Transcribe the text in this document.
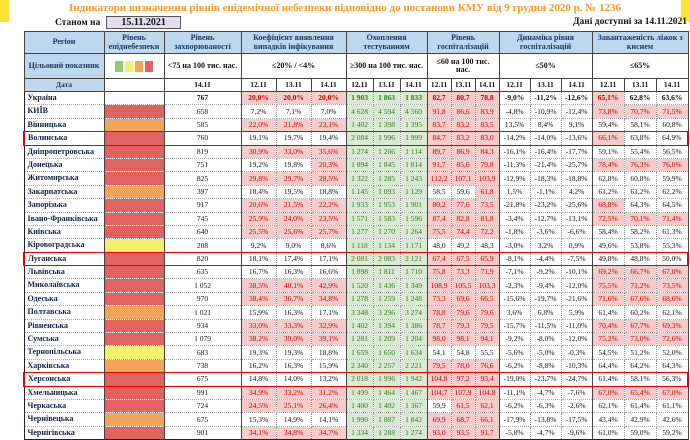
Індикатори визначення рівнів епідемічної небезпеки відповідно до постанови КМУ від 9 грудня 2020 р. № 1236
Станом на 15.11.2021	Дані доступні за 14.11.2021
Регіон	Рівень епіднебезпеки	Рівень захворюваності	Коефіцієнт виявлення випадків інфікування			Охоплення тестуванням			Рівень госпіталізацій			Динаміка рівня госпіталізацій			Завантаженість ліжок з киснем		
Цільовий показник		<75 на 100 тис. нас.	≤20% / <4%			≥300 на 100 тис. нас.			≤60 на 100 тис. нас.			≤50%			≤65%		
Дата		14.11	12.11	13.11	14.11	12.11	13.11	14.11	12.11	13.11	14.11	12.11	13.11	14.11	12.11	13.11	14.11
Україна		767	20,0%	20,0%	20,0%	1 903	1 863	1 833	82,7	80,7	78,8	-9,0%	-11,2%	-12,6%	65,1%	62,8%	63,6%
КИЇВ		658	7,2%	7,1%	7,0%	4 628	4 594	4 560	91,8	86,6	83,9	-4,8%	-10,9%	-12,4%	73,8%	70,7%	71,5%
Вінницька		585	22,0%	21,8%	23,1%	1 402	1 398	1 395	83,7	83,2	83,5	13,5%	8,4%	9,1%	59,4%	58,1%	60,8%
Волинська		760	19,1%	19,7%	19,4%	2 084	1 996	1 999	84,7	83,2	83,0	-14,2%	-14,0%	-13,6%	66,1%	63,8%	64,9%
Дніпропетровська		819	30,9%	33,0%	35,6%	1 274	1 206	1 114	89,7	86,9	84,3	-16,1%	-16,4%	-17,7%	59,1%	55,4%	56,5%
Донецька		751	19,2%	19,8%	20,3%	1 894	1 845	1 814	91,7	85,6	79,8	-11,3%	-21,4%	-25,7%	78,4%	76,3%	76,0%
Житомирська		825	29,8%	29,7%	28,5%	1 322	1 285	1 243	112,2	107,1	103,9	-12,9%	-18,3%	-18,8%	62,8%	60,8%	59,9%
Закарпатська		397	18,4%	19,5%	18,8%	1 145	1 093	1 129	58,5	59,6	61,8	1,5%	-1,1%	4,2%	61,2%	61,2%	62,2%
Запорізька		917	20,6%	21,5%	22,2%	1 933	1 953	1 901	80,2	77,6	73,5	-21,8%	-23,2%	-25,6%	68,8%	64,3%	64,5%
Івано-Франківська		745	25,9%	24,0%	23,5%	1 571	1 583	1 596	87,4	82,8	81,8	-3,4%	-12,7%	-13,1%	72,5%	70,1%	71,4%
Київська		640	25,5%	25,6%	25,7%	1 277	1 270	1 264	75,5	74,4	72,2	-1,8%	-3,6%	-6,6%	58,4%	58,2%	61,3%
Кіровоградська		208	9,2%	9,0%	8,6%	1 118	1 134	1 171	48,0	49,2	48,3	-3,0%	3,2%	0,9%	49,6%	53,8%	55,3%
Луганська		820	18,1%	17,4%	17,1%	2 081	2 083	2 121	67,4	67,5	65,9	-8,1%	-4,4%	-7,5%	49,8%	48,8%	50,0%
Львівська		635	16,7%	16,3%	16,6%	1 898	1 811	1 710	75,8	73,3	71,9	-7,1%	-9,2%	-10,1%	69,2%	66,7%	67,0%
Миколаївська		1 052	38,5%	40,1%	42,9%	1 520	1 436	1 349	108,9	105,5	103,3	-2,3%	-9,4%	-12,0%	75,5%	71,2%	73,5%
Одеська		970	38,4%	36,7%	34,8%	1 278	1 259	1 248	73,3	69,6	66,5	-15,6%	-19,7%	-21,6%	71,6%	67,6%	68,6%
Полтавська		1 021	15,9%	16,3%	17,1%	3 348	3 296	3 274	78,8	79,6	79,6	3,6%	6,8%	5,9%	61,4%	60,2%	62,1%
Рівненська		934	33,0%	33,3%	32,9%	1 402	1 394	1 386	78,7	79,3	79,5	-15,7%	-11,5%	-11,0%	70,4%	67,7%	69,3%
Сумська		1 079	38,2%	39,0%	39,1%	1 281	1 209	1 204	98,0	98,1	94,1	-9,2%	-8,0%	-12,0%	75,2%	73,0%	72,6%
Тернопільська		683	19,3%	19,3%	18,8%	1 659	1 650	1 634	54,1	54,8	55,5	-5,6%	-5,0%	-0,3%	54,5%	51,2%	52,0%
Харківська		738	16,2%	16,3%	15,9%	2 340	2 257	2 221	79,5	78,0	76,6	-6,2%	-8,8%	-10,3%	64,4%	64,2%	64,3%
Херсонська		675	14,8%	14,0%	13,2%	2 018	1 996	1 942	104,8	97,2	93,4	-19,0%	-23,7%	-24,7%	61,4%	58,1%	56,3%
Хмельницька		991	34,9%	33,2%	31,2%	1 499	1 464	1 467	104,7	107,9	104,8	-11,1%	-4,7%	-7,6%	67,0%	65,4%	67,0%
Черкаська		724	24,5%	25,1%	26,4%	1 400	1 402	1 367	59,9	61,5	62,1	-6,2%	-6,3%	-2,6%	62,1%	61,4%	61,1%
Чернівецька		675	15,3%	14,9%	14,1%	1 990	1 887	1 842	69,9	68,7	66,1	-17,9%	-13,8%	-17,5%	43,4%	42,9%	42,6%
Чернігівська		901	34,1%	34,8%	34,7%	1 334	1 288	1 274	93,0	93,5	91,7	-5,8%	-4,7%	-9,6%	61,0%	59,0%	59,2%
